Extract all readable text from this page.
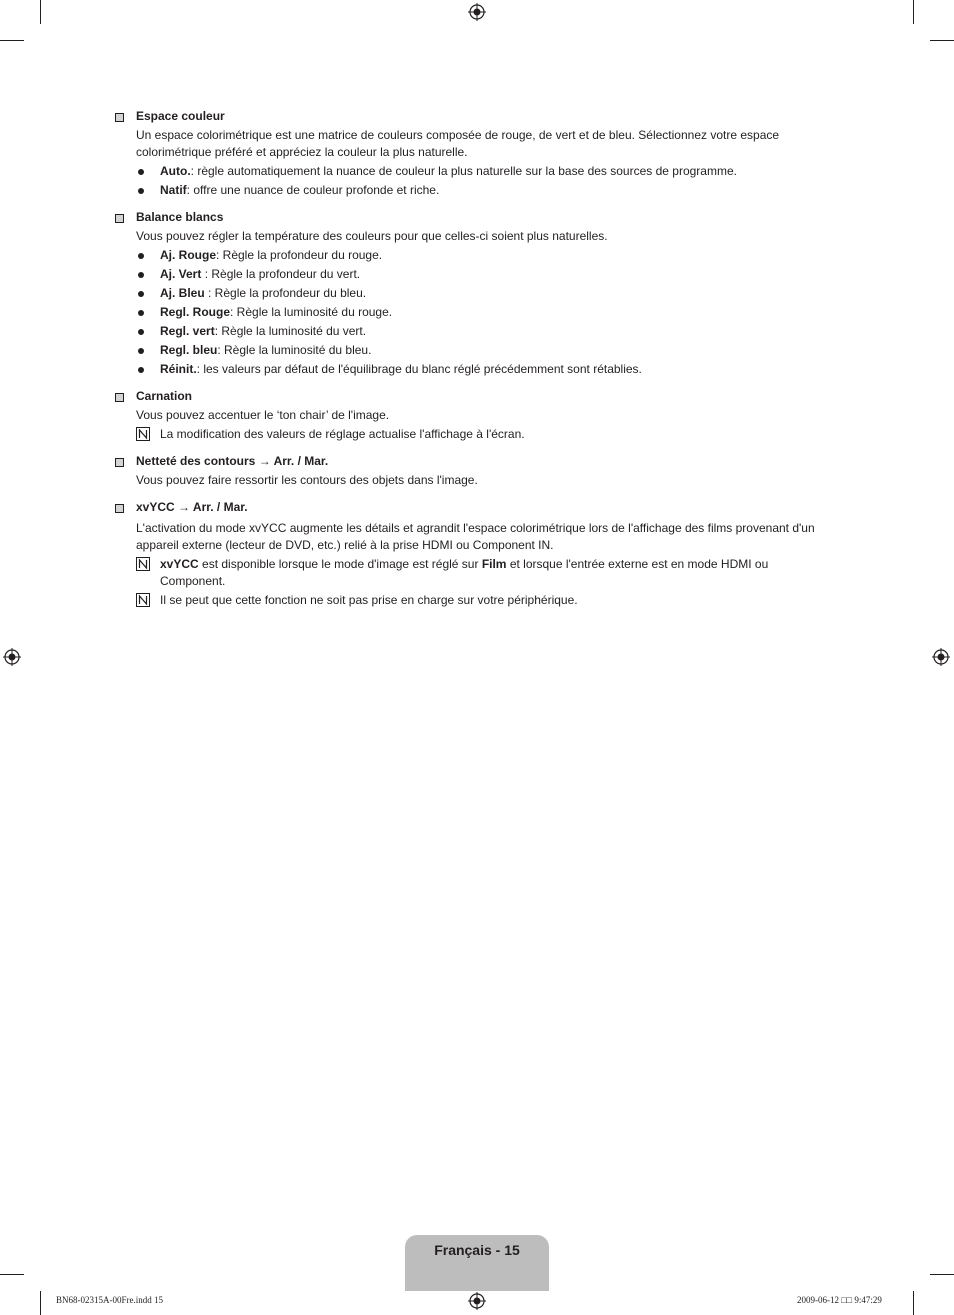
Espace couleur
Un espace colorimétrique est une matrice de couleurs composée de rouge, de vert et de bleu. Sélectionnez votre espace colorimétrique préféré et appréciez la couleur la plus naturelle.
Auto.: règle automatiquement la nuance de couleur la plus naturelle sur la base des sources de programme.
Natif: offre une nuance de couleur profonde et riche.
Balance blancs
Vous pouvez régler la température des couleurs pour que celles-ci soient plus naturelles.
Aj. Rouge: Règle la profondeur du rouge.
Aj. Vert : Règle la profondeur du vert.
Aj. Bleu : Règle la profondeur du bleu.
Regl. Rouge: Règle la luminosité du rouge.
Regl. vert: Règle la luminosité du vert.
Regl. bleu: Règle la luminosité du bleu.
Réinit.: les valeurs par défaut de l'équilibrage du blanc réglé précédemment sont rétablies.
Carnation
Vous pouvez accentuer le ‘ton chair’ de l'image.
La modification des valeurs de réglage actualise l'affichage à l'écran.
Netteté des contours → Arr. / Mar.
Vous pouvez faire ressortir les contours des objets dans l'image.
xvYCC → Arr. / Mar.
L'activation du mode xvYCC augmente les détails et agrandit l'espace colorimétrique lors de l'affichage des films provenant d'un appareil externe (lecteur de DVD, etc.) relié à la prise HDMI ou Component IN.
xvYCC est disponible lorsque le mode d'image est réglé sur Film et lorsque l'entrée externe est en mode HDMI ou Component.
Il se peut que cette fonction ne soit pas prise en charge sur votre périphérique.
Français - 15
BN68-02315A-00Fre.indd 15	2009-06-12 □□ 9:47:29
